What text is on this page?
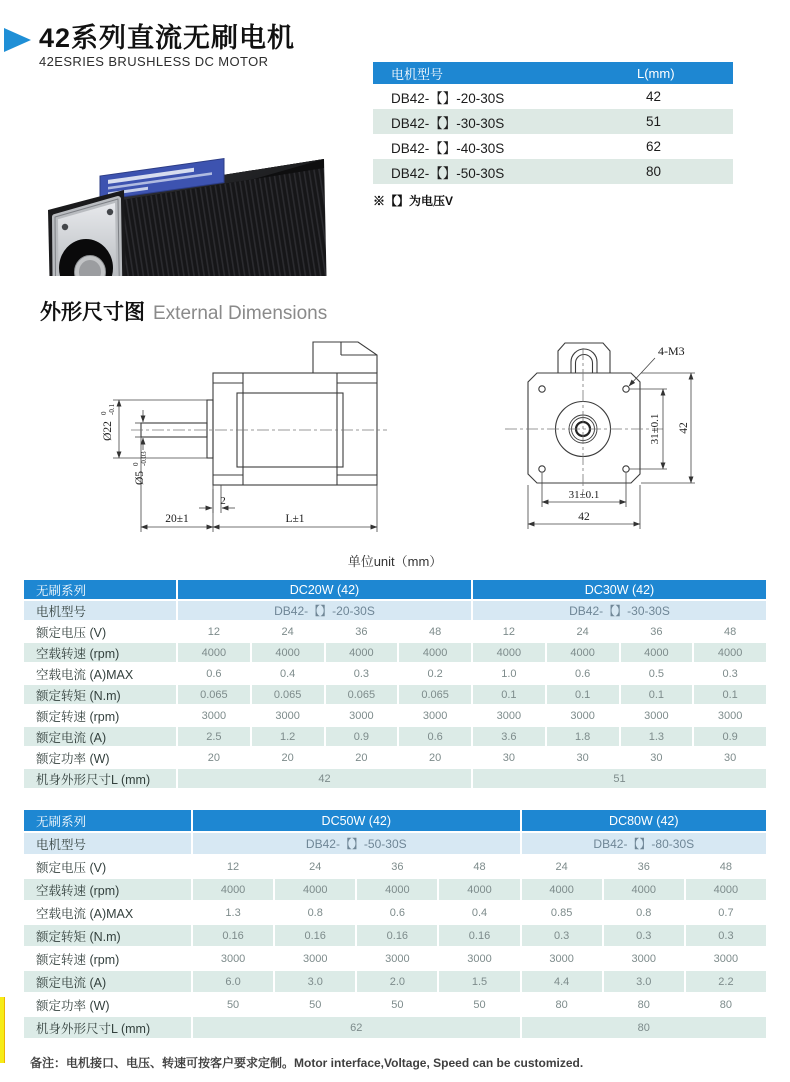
42系列直流无刷电机
42ESRIES BRUSHLESS DC MOTOR
电机型号	L(mm)
DB42-【】-20-30S	42
DB42-【】-30-30S	51
DB42-【】-40-30S	62
DB42-【】-50-30S	80
※【】为电压V
外形尺寸图 External Dimensions
2
20±1	L±1
Ø22
0 -0.1
Ø5
0 -0.03
4-M3
31±0.1 42
31±0.1
42
单位unit（mm）
无刷系列	DC20W (42)				DC30W (42)			
电机型号	DB42-【】-20-30S				DB42-【】-30-30S			
额定电压 (V)	12	24	36	48	12	24	36	48
空载转速 (rpm)	4000	4000	4000	4000	4000	4000	4000	4000
空载电流 (A)MAX	0.6	0.4	0.3	0.2	1.0	0.6	0.5	0.3
额定转矩 (N.m)	0.065	0.065	0.065	0.065	0.1	0.1	0.1	0.1
额定转速 (rpm)	3000	3000	3000	3000	3000	3000	3000	3000
额定电流 (A)	2.5	1.2	0.9	0.6	3.6	1.8	1.3	0.9
额定功率 (W)	20	20	20	20	30	30	30	30
机身外形尺寸L (mm)	42				51			
无刷系列	DC50W (42)				DC80W (42)		
电机型号	DB42-【】-50-30S				DB42-【】-80-30S		
额定电压 (V)	12	24	36	48	24	36	48
空载转速 (rpm)	4000	4000	4000	4000	4000	4000	4000
空载电流 (A)MAX	1.3	0.8	0.6	0.4	0.85	0.8	0.7
额定转矩 (N.m)	0.16	0.16	0.16	0.16	0.3	0.3	0.3
额定转速 (rpm)	3000	3000	3000	3000	3000	3000	3000
额定电流 (A)	6.0	3.0	2.0	1.5	4.4	3.0	2.2
额定功率 (W)	50	50	50	50	80	80	80
机身外形尺寸L (mm)	62				80		
备注：电机接口、电压、转速可按客户要求定制。Motor interface,Voltage, Speed can be customized.
